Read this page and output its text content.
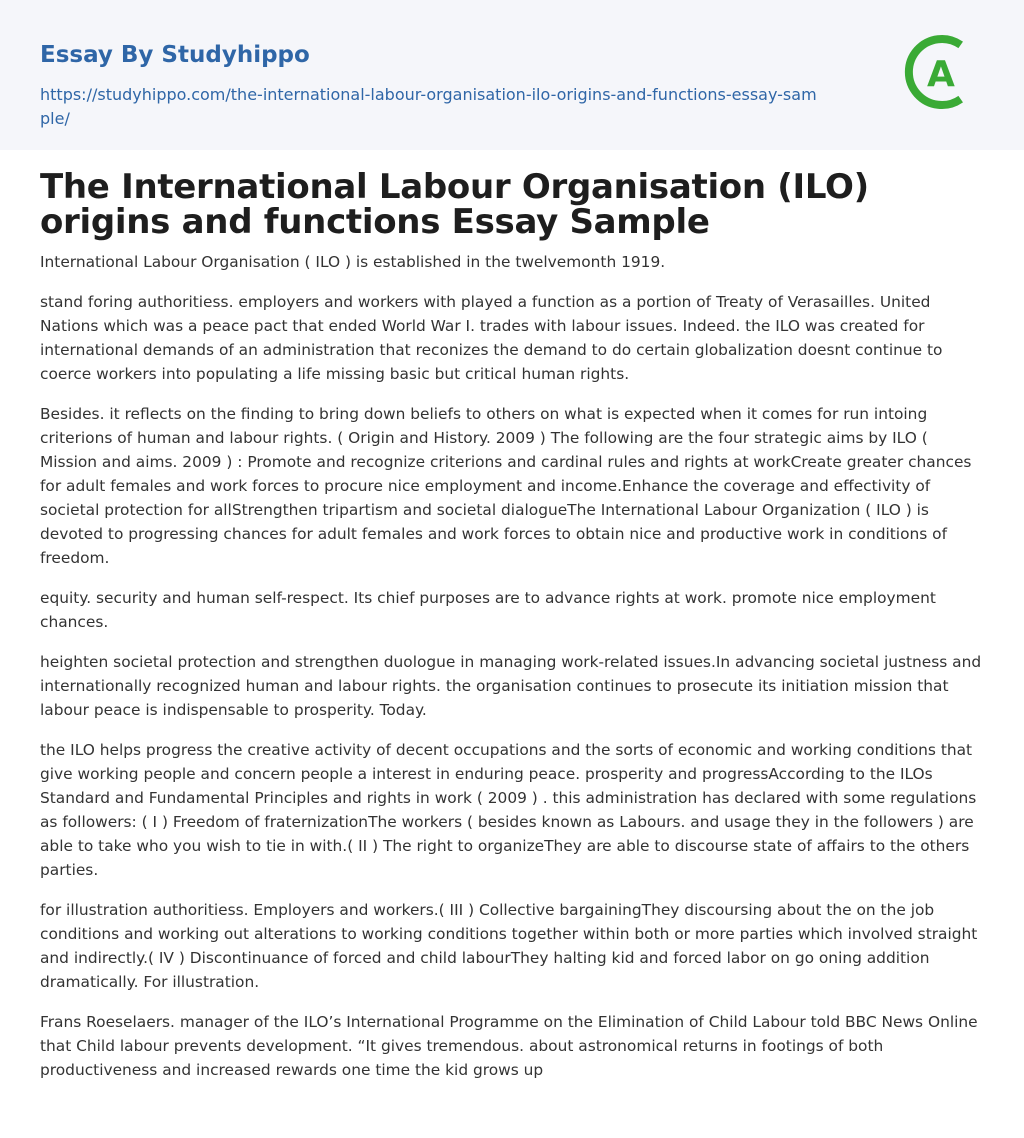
Essay By Studyhippo
https://studyhippo.com/the-international-labour-organisation-ilo-origins-and-functions-essay-sample/
A
The International Labour Organisation (ILO) origins and functions Essay Sample

International Labour Organisation ( ILO ) is established in the twelvemonth 1919.

stand foring authoritiess. employers and workers with played a function as a portion of Treaty of Verasailles. United Nations which was a peace pact that ended World War I. trades with labour issues. Indeed. the ILO was created for international demands of an administration that reconizes the demand to do certain globalization doesnt continue to coerce workers into populating a life missing basic but critical human rights.

Besides. it reflects on the finding to bring down beliefs to others on what is expected when it comes for run intoing criterions of human and labour rights. ( Origin and History. 2009 ) The following are the four strategic aims by ILO ( Mission and aims. 2009 ) : Promote and recognize criterions and cardinal rules and rights at workCreate greater chances for adult females and work forces to procure nice employment and income.Enhance the coverage and effectivity of societal protection for allStrengthen tripartism and societal dialogueThe International Labour Organization ( ILO ) is devoted to progressing chances for adult females and work forces to obtain nice and productive work in conditions of freedom.

equity. security and human self-respect. Its chief purposes are to advance rights at work. promote nice employment chances.

heighten societal protection and strengthen duologue in managing work-related issues.In advancing societal justness and internationally recognized human and labour rights. the organisation continues to prosecute its initiation mission that labour peace is indispensable to prosperity. Today.

the ILO helps progress the creative activity of decent occupations and the sorts of economic and working conditions that give working people and concern people a interest in enduring peace. prosperity and progressAccording to the ILOs Standard and Fundamental Principles and rights in work ( 2009 ) . this administration has declared with some regulations as followers: ( I ) Freedom of fraternizationThe workers ( besides known as Labours. and usage they in the followers ) are able to take who you wish to tie in with.( II ) The right to organizeThey are able to discourse state of affairs to the others parties.

for illustration authoritiess. Employers and workers.( III ) Collective bargainingThey discoursing about the on the job conditions and working out alterations to working conditions together within both or more parties which involved straight and indirectly.( IV ) Discontinuance of forced and child labourThey halting kid and forced labor on go oning addition dramatically. For illustration.

Frans Roeselaers. manager of the ILO’s International Programme on the Elimination of Child Labour told BBC News Online that Child labour prevents development. “It gives tremendous. about astronomical returns in footings of both productiveness and increased rewards one time the kid grows up
